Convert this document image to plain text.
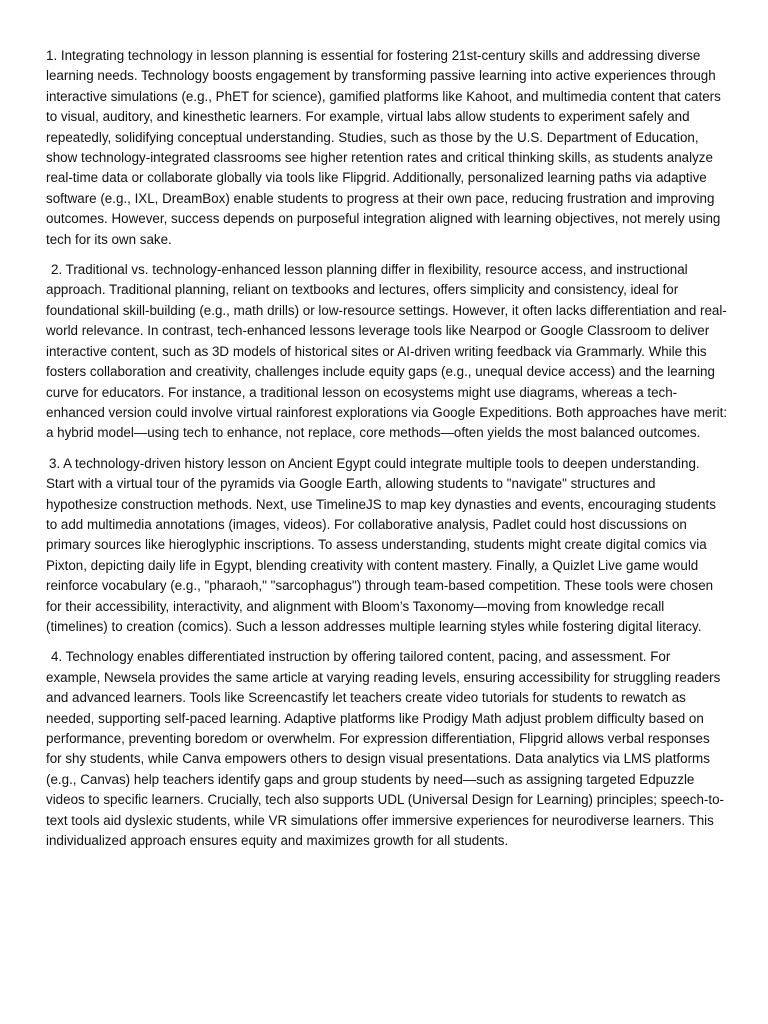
1. Integrating technology in lesson planning is essential for fostering 21st-century skills and addressing diverse learning needs. Technology boosts engagement by transforming passive learning into active experiences through interactive simulations (e.g., PhET for science), gamified platforms like Kahoot, and multimedia content that caters to visual, auditory, and kinesthetic learners. For example, virtual labs allow students to experiment safely and repeatedly, solidifying conceptual understanding. Studies, such as those by the U.S. Department of Education, show technology-integrated classrooms see higher retention rates and critical thinking skills, as students analyze real-time data or collaborate globally via tools like Flipgrid. Additionally, personalized learning paths via adaptive software (e.g., IXL, DreamBox) enable students to progress at their own pace, reducing frustration and improving outcomes. However, success depends on purposeful integration aligned with learning objectives, not merely using tech for its own sake.

2. Traditional vs. technology-enhanced lesson planning differ in flexibility, resource access, and instructional approach. Traditional planning, reliant on textbooks and lectures, offers simplicity and consistency, ideal for foundational skill-building (e.g., math drills) or low-resource settings. However, it often lacks differentiation and real-world relevance. In contrast, tech-enhanced lessons leverage tools like Nearpod or Google Classroom to deliver interactive content, such as 3D models of historical sites or AI-driven writing feedback via Grammarly. While this fosters collaboration and creativity, challenges include equity gaps (e.g., unequal device access) and the learning curve for educators. For instance, a traditional lesson on ecosystems might use diagrams, whereas a tech-enhanced version could involve virtual rainforest explorations via Google Expeditions. Both approaches have merit: a hybrid model—using tech to enhance, not replace, core methods—often yields the most balanced outcomes.

3. A technology-driven history lesson on Ancient Egypt could integrate multiple tools to deepen understanding. Start with a virtual tour of the pyramids via Google Earth, allowing students to "navigate" structures and hypothesize construction methods. Next, use TimelineJS to map key dynasties and events, encouraging students to add multimedia annotations (images, videos). For collaborative analysis, Padlet could host discussions on primary sources like hieroglyphic inscriptions. To assess understanding, students might create digital comics via Pixton, depicting daily life in Egypt, blending creativity with content mastery. Finally, a Quizlet Live game would reinforce vocabulary (e.g., "pharaoh," "sarcophagus") through team-based competition. These tools were chosen for their accessibility, interactivity, and alignment with Bloom’s Taxonomy—moving from knowledge recall (timelines) to creation (comics). Such a lesson addresses multiple learning styles while fostering digital literacy.

4. Technology enables differentiated instruction by offering tailored content, pacing, and assessment. For example, Newsela provides the same article at varying reading levels, ensuring accessibility for struggling readers and advanced learners. Tools like Screencastify let teachers create video tutorials for students to rewatch as needed, supporting self-paced learning. Adaptive platforms like Prodigy Math adjust problem difficulty based on performance, preventing boredom or overwhelm. For expression differentiation, Flipgrid allows verbal responses for shy students, while Canva empowers others to design visual presentations. Data analytics via LMS platforms (e.g., Canvas) help teachers identify gaps and group students by need—such as assigning targeted Edpuzzle videos to specific learners. Crucially, tech also supports UDL (Universal Design for Learning) principles; speech-to-text tools aid dyslexic students, while VR simulations offer immersive experiences for neurodiverse learners. This individualized approach ensures equity and maximizes growth for all students.
